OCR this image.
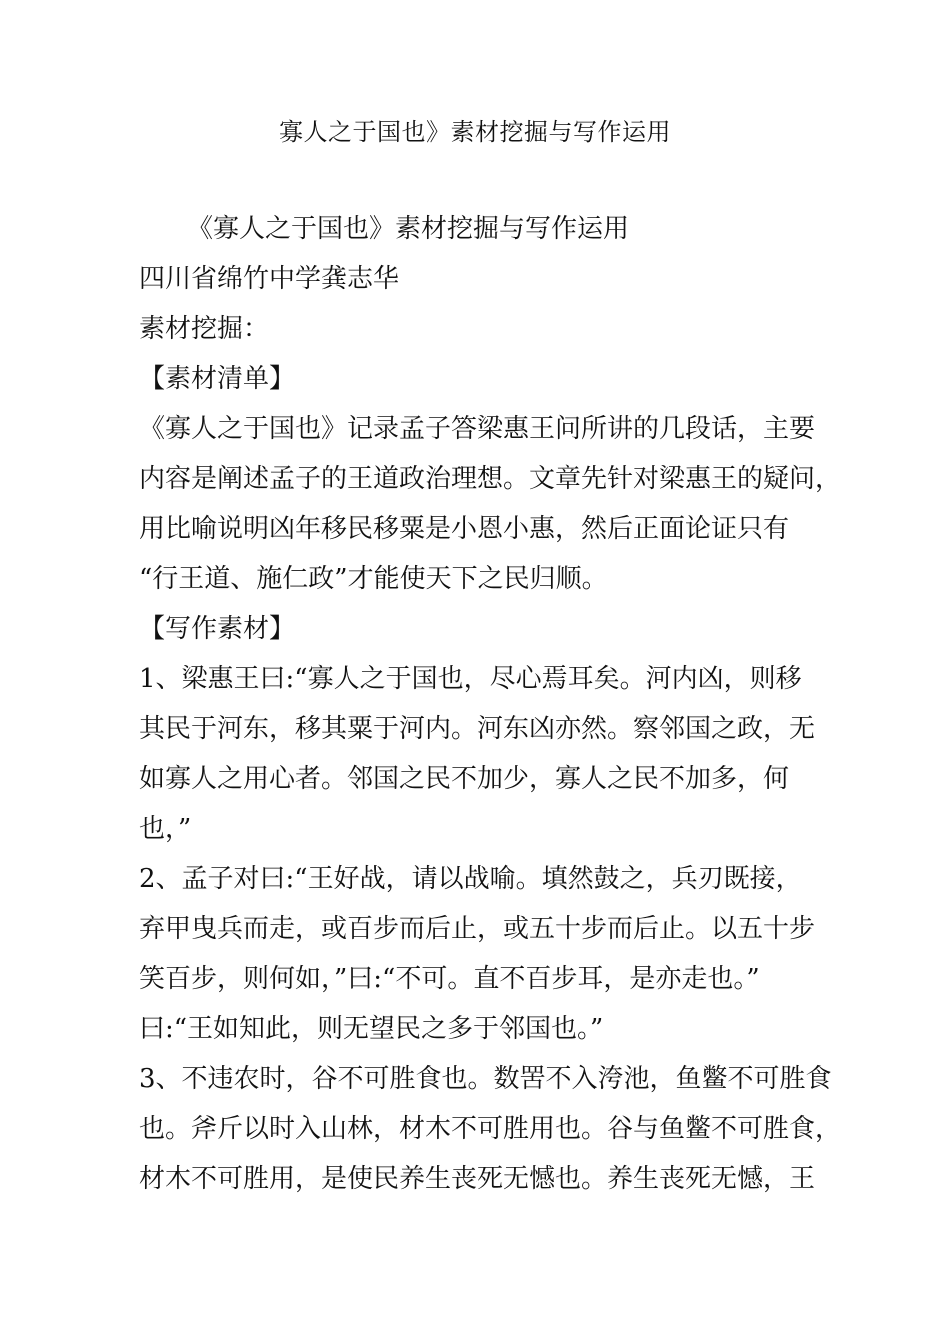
寡人之于国也》素材挖掘与写作运用
《寡人之于国也》素材挖掘与写作运用
四川省绵竹中学龚志华
素材挖掘：
【素材清单】
《寡人之于国也》记录孟子答梁惠王问所讲的几段话，主要
内容是阐述孟子的王道政治理想。文章先针对梁惠王的疑问，
用比喻说明凶年移民移粟是小恩小惠，然后正面论证只有
“行王道、施仁政”才能使天下之民归顺。
【写作素材】
1、梁惠王曰:“寡人之于国也，尽心焉耳矣。河内凶，则移
其民于河东，移其粟于河内。河东凶亦然。察邻国之政，无
如寡人之用心者。邻国之民不加少，寡人之民不加多，何
也，”
2、孟子对曰:“王好战，请以战喻。填然鼓之，兵刃既接，
弃甲曳兵而走，或百步而后止，或五十步而后止。以五十步
笑百步，则何如，”曰:“不可。直不百步耳，是亦走也。”
曰:“王如知此，则无望民之多于邻国也。”
3、不违农时，谷不可胜食也。数罟不入洿池，鱼鳖不可胜食
也。斧斤以时入山林，材木不可胜用也。谷与鱼鳖不可胜食，
材木不可胜用，是使民养生丧死无憾也。养生丧死无憾，王
